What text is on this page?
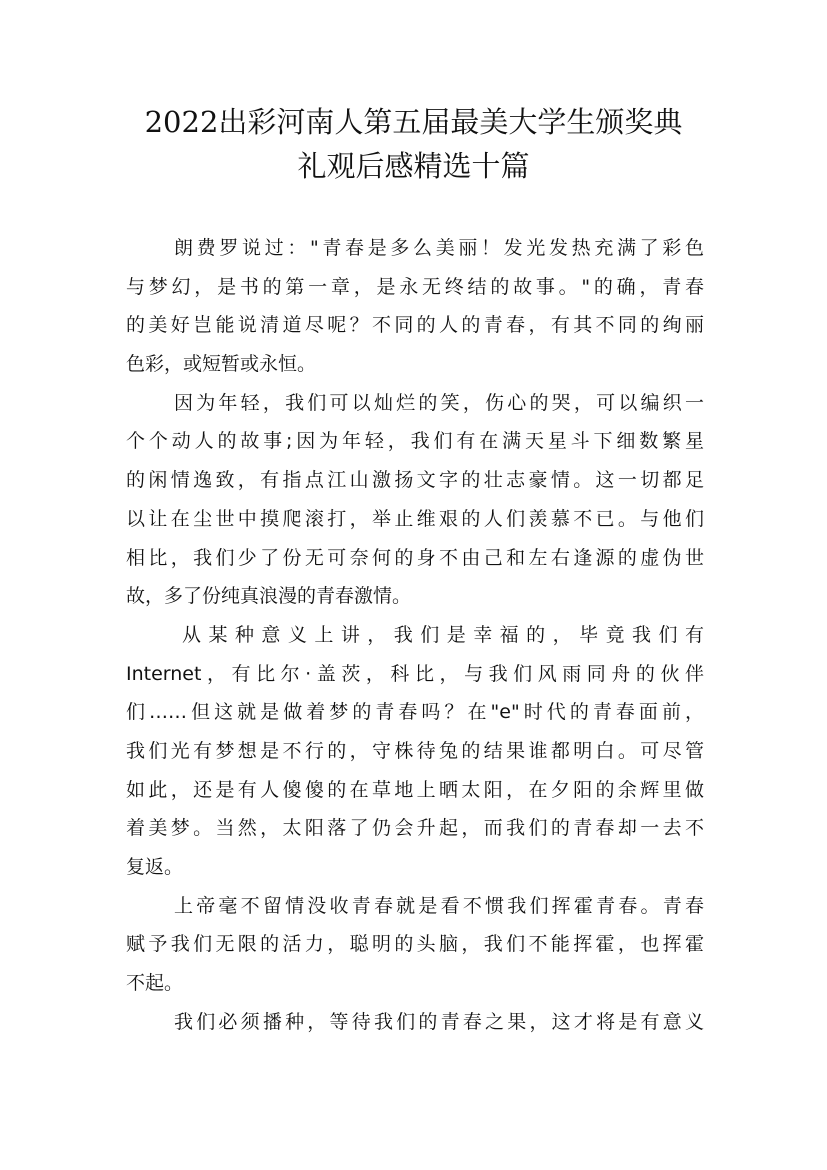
2022出彩河南人第五届最美大学生颁奖典
礼观后感精选十篇

朗费罗说过："青春是多么美丽！发光发热充满了彩色
与梦幻，是书的第一章，是永无终结的故事。"的确，青春
的美好岂能说清道尽呢？不同的人的青春，有其不同的绚丽
色彩，或短暂或永恒。

因为年轻，我们可以灿烂的笑，伤心的哭，可以编织一
个个动人的故事;因为年轻，我们有在满天星斗下细数繁星
的闲情逸致，有指点江山激扬文字的壮志豪情。这一切都足
以让在尘世中摸爬滚打，举止维艰的人们羡慕不已。与他们
相比，我们少了份无可奈何的身不由己和左右逢源的虚伪世
故，多了份纯真浪漫的青春激情。

从某种意义上讲，我们是幸福的，毕竟我们有
Internet，有比尔·盖茨，科比，与我们风雨同舟的伙伴
们……但这就是做着梦的青春吗？在"e"时代的青春面前，
我们光有梦想是不行的，守株待兔的结果谁都明白。可尽管
如此，还是有人傻傻的在草地上晒太阳，在夕阳的余辉里做
着美梦。当然，太阳落了仍会升起，而我们的青春却一去不
复返。

上帝毫不留情没收青春就是看不惯我们挥霍青春。青春
赋予我们无限的活力，聪明的头脑，我们不能挥霍，也挥霍
不起。

我们必须播种，等待我们的青春之果，这才将是有意义
